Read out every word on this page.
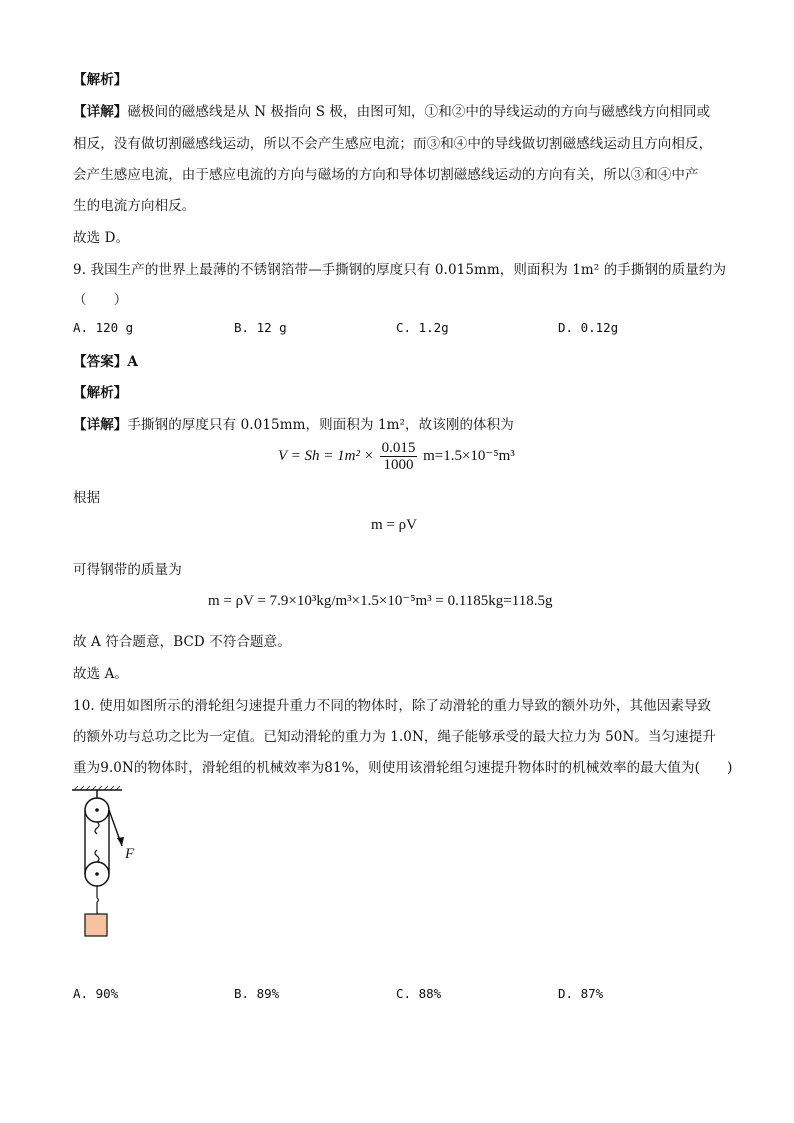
【解析】
【详解】磁极间的磁感线是从 N 极指向 S 极，由图可知，①和②中的导线运动的方向与磁感线方向相同或
相反，没有做切割磁感线运动，所以不会产生感应电流；而③和④中的导线做切割磁感线运动且方向相反，
会产生感应电流，由于感应电流的方向与磁场的方向和导体切割磁感线运动的方向有关，所以③和④中产
生的电流方向相反。
故选 D。
9. 我国生产的世界上最薄的不锈钢箔带—手撕钢的厚度只有 0.015mm，则面积为 1m² 的手撕钢的质量约为
（　　）
A. 120 g	B. 12 g	C. 1.2g	D. 0.12g
【答案】A
【解析】
【详解】手撕钢的厚度只有 0.015mm，则面积为 1m²，故该刚的体积为
$V = Sh = 1m^2 \times \frac{0.015}{1000} m=1.5\times 10^{-5}m^3$
根据
m = ρV
可得钢带的质量为
m = ρV = 7.9×10³kg/m³×1.5×10⁻⁵m³ = 0.1185kg=118.5g
故 A 符合题意，BCD 不符合题意。
故选 A。
10. 使用如图所示的滑轮组匀速提升重力不同的物体时，除了动滑轮的重力导致的额外功外，其他因素导致
的额外功与总功之比为一定值。已知动滑轮的重力为 1.0N，绳子能够承受的最大拉力为 50N。当匀速提升
重为9.0N的物体时，滑轮组的机械效率为81%，则使用该滑轮组匀速提升物体时的机械效率的最大值为(　　)
F
A. 90%	B. 89%	C. 88%	D. 87%
